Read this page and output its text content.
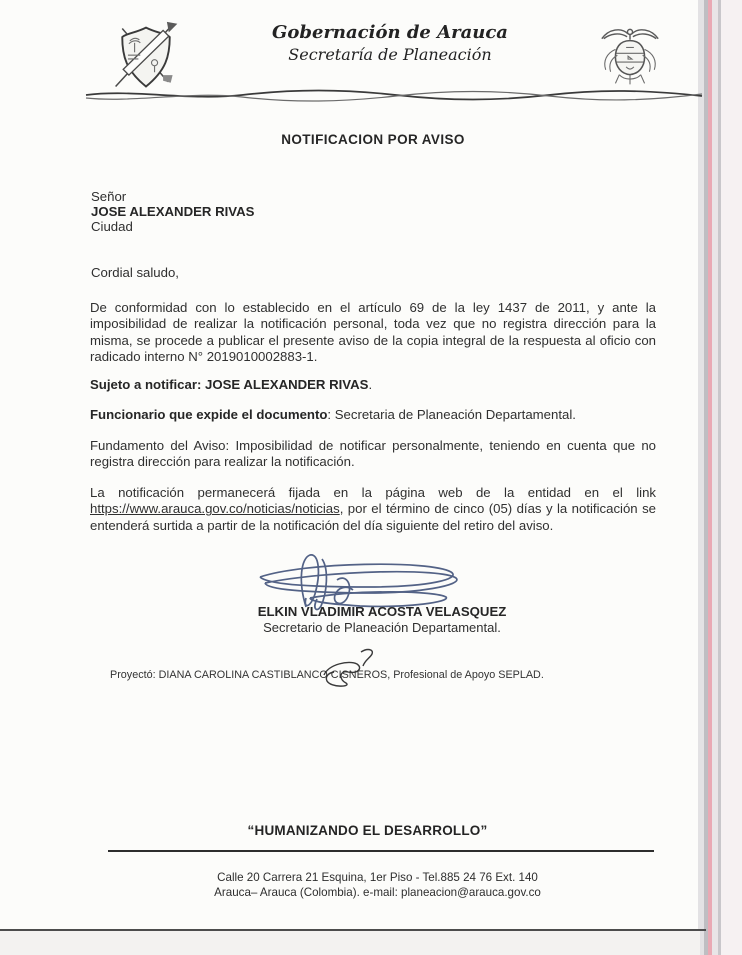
Gobernación de Arauca
Secretaría de Planeación
NOTIFICACION POR AVISO
Señor
JOSE ALEXANDER RIVAS
Ciudad
Cordial saludo,
De conformidad con lo establecido en el artículo 69 de la ley 1437 de 2011, y ante la imposibilidad de realizar la notificación personal, toda vez que no registra dirección para la misma, se procede a publicar el presente aviso de la copia integral de la respuesta al oficio con radicado interno N° 2019010002883-1.
Sujeto a notificar: JOSE ALEXANDER RIVAS.
Funcionario que expide el documento: Secretaria de Planeación Departamental.
Fundamento del Aviso: Imposibilidad de notificar personalmente, teniendo en cuenta que no registra dirección para realizar la notificación.
La notificación permanecerá fijada en la página web de la entidad en el link https://www.arauca.gov.co/noticias/noticias, por el término de cinco (05) días y la notificación se entenderá surtida a partir de la notificación del día siguiente del retiro del aviso.
ELKIN VLADIMIR ACOSTA VELASQUEZ
Secretario de Planeación Departamental.
Proyectó: DIANA CAROLINA CASTIBLANCO CISNEROS, Profesional de Apoyo SEPLAD.
“HUMANIZANDO EL DESARROLLO”
Calle 20 Carrera 21 Esquina, 1er Piso - Tel.885 24 76 Ext. 140
Arauca– Arauca (Colombia). e-mail: planeacion@arauca.gov.co
